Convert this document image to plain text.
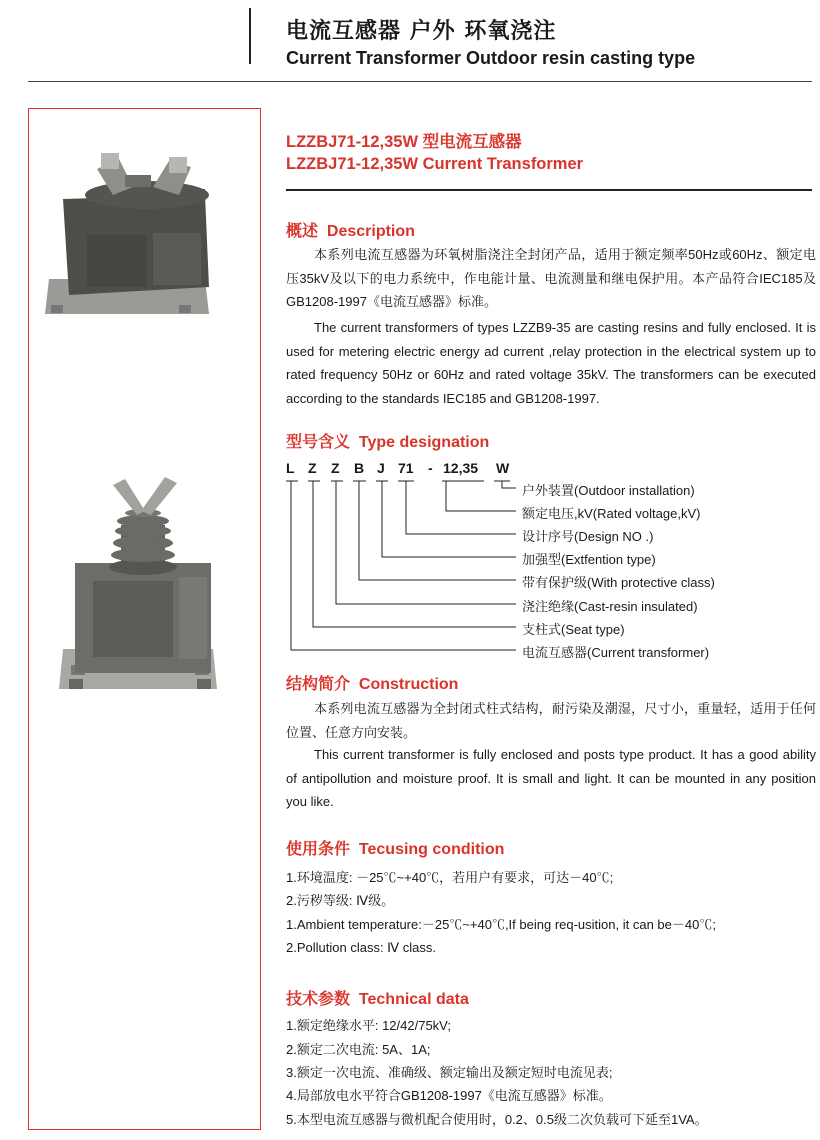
电流互感器 户外 环氧浇注
Current Transformer Outdoor resin casting type
LZZBJ71-12,35W 型电流互感器
LZZBJ71-12,35W Current Transformer
概述 Description
本系列电流互感器为环氧树脂浇注全封闭产品，适用于额定频率50Hz或60Hz、额定电压35kV及以下的电力系统中，作电能计量、电流测量和继电保护用。本产品符合IEC185及GB1208-1997《电流互感器》标准。
The current transformers of types LZZB9-35 are casting resins and fully enclosed. It is used for metering electric energy ad current ,relay protection in the electrical system up to rated frequency 50Hz or 60Hz and rated voltage 35kV. The transformers can be executed according to the standards IEC185 and GB1208-1997.
型号含义 Type designation
L Z Z B J 71 - 12,35 W
户外装置(Outdoor installation)
额定电压,kV(Rated voltage,kV)
设计序号(Design NO .)
加强型(Extfention type)
带有保护级(With protective class)
浇注绝缘(Cast-resin insulated)
支柱式(Seat type)
电流互感器(Current transformer)
结构简介 Construction
本系列电流互感器为全封闭式柱式结构，耐污染及潮湿，尺寸小，重量轻，适用于任何位置、任意方向安装。
This current transformer is fully enclosed and posts type product. It has a good ability of antipollution and moisture proof. It is small and light. It can be mounted in any position you like.
使用条件 Tecusing condition
1.环境温度: －25℃~+40℃，若用户有要求，可达－40℃;
2.污秽等级: Ⅳ级。
1.Ambient temperature:－25℃~+40℃,If being req-usition, it can be－40℃;
2.Pollution class: Ⅳ class.
技术参数 Technical data
1.额定绝缘水平: 12/42/75kV;
2.额定二次电流: 5A、1A;
3.额定一次电流、准确级、额定输出及额定短时电流见表;
4.局部放电水平符合GB1208-1997《电流互感器》标准。
5.本型电流互感器与微机配合使用时，0.2、0.5级二次负载可下延至1VA。
